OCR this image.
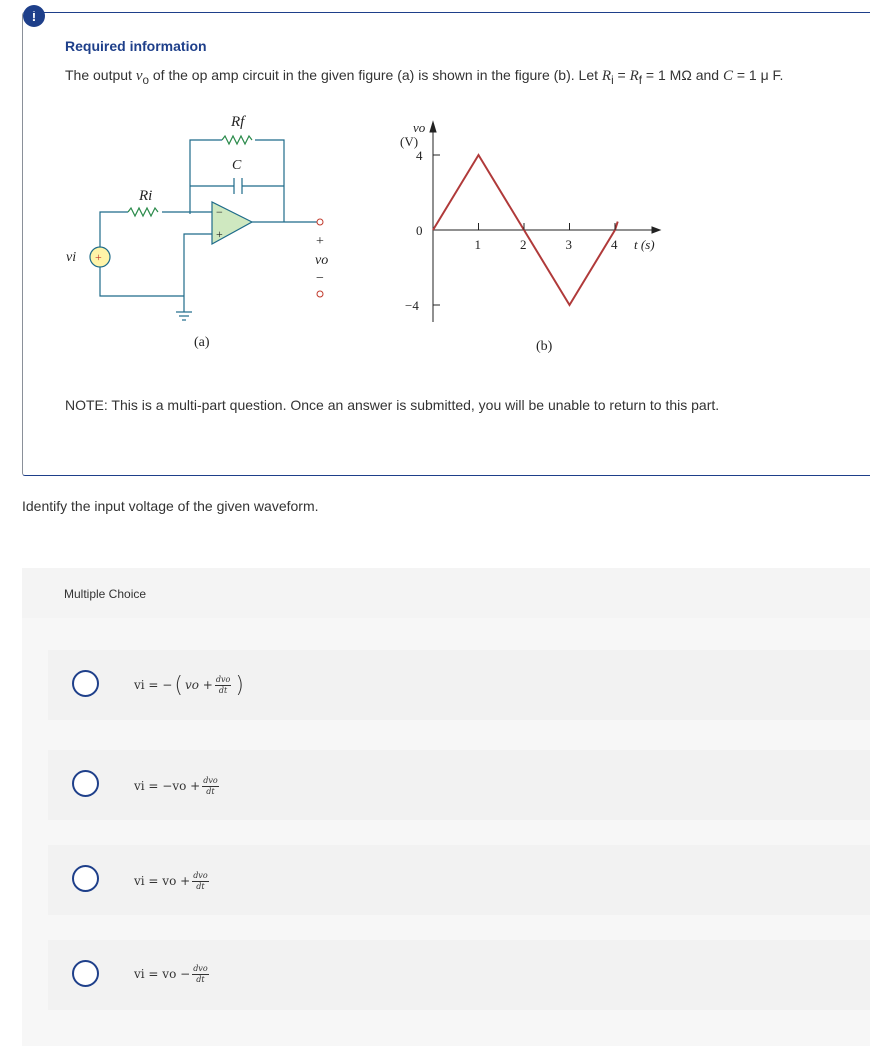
!
Required information
The output $v_o$ of the op amp circuit in the given figure (a) is shown in the figure (b). Let $R_i = R_f = 1$ MΩ and C = 1 μ F.
Rf
C
Ri
vi +
−
+	+
vo
−
(a)
1	2	3	4
4
0
−4
vo
(V)
t (s)
(b)
NOTE: This is a multi-part question. Once an answer is submitted, you will be unable to return to this part.
Identify the input voltage of the given waveform.
Multiple Choice
vi = − ( vo
+ $\frac{\text{dvo}}{dt}$ )
vi = $-vo + \frac{\text{dvo}}{dt}$
vi = vo + $\frac{\text{dvo}}{dt}$
vi = vo − $\frac{\text{dvo}}{dt}$
